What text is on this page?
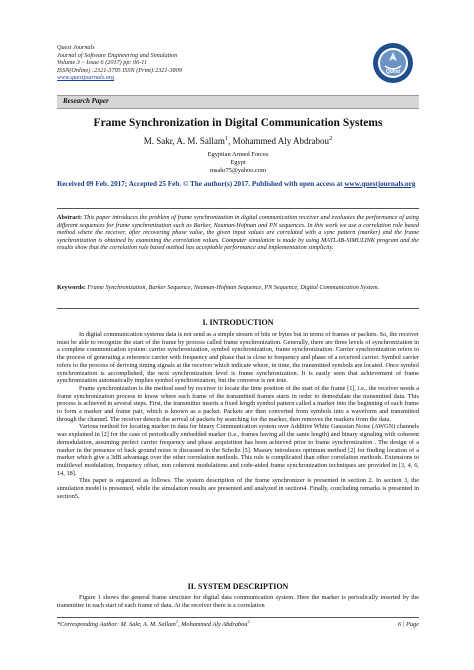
Quest Journals
Journal of Software Engineering and Simulation
Volume 3 ~ Issue 6 (2017) pp: 06-11
ISSN(Online) :2321-3795 ISSN (Print):2321-3809
www.questjournals.org
Quest
Research Paper
Frame Synchronization in Digital Communication Systems
M. Sakr, A. M. Sallam$^1$, Mohammed Aly Abdrabou$^2$
Egyptian Armed Forces
Egypt
msakr75@yahoo.com
Received 09 Feb. 2017; Accepted 25 Feb. © The author(s) 2017. Published with open access at www.questjournals.org
Abstract: This paper introduces the problem of frame synchronization in digital communication receiver and evaluates the performance of using different sequences for frame synchronization such as Barker, Neuman-Hofman and PN sequences. In this work we use a correlation rule based method where the receiver, after recovering phase value, the given input values are correlated with a sync pattern (marker) and the frame synchronization is obtained by examining the correlation values. Computer simulation is made by using MATLAB-SIMULINK program and the results show that the correlation rule based method has acceptable performance and implementation simplicity.
Keywords: Frame Synchronization, Barker Sequence, Neuman-Hofman Sequence, PN Sequence, Digital Communication System.
I. INTRODUCTION

In digital communication systems data is not send as a simple stream of bits or bytes but in terms of frames or packets. So, the receiver must be able to recognize the start of the frame by process called frame synchronization. Generally, there are three levels of synchronization in a complete communication system: carrier synchronization, symbol synchronization, frame synchronization. Carrier synchronization refers to the process of generating a reference carrier with frequency and phase that is close to frequency and phase of a received carrier. Symbol carrier refers to the process of deriving timing signals at the receiver which indicate where, in time, the transmitted symbols are located. Once symbol synchronization is accomplished, the next synchronization level is frame synchronization. It is easily seen that achievement of frame synchronization automatically implies symbol synchronization, but the converse is not true.

Frame synchronization is the method used by receiver to locate the time position of the start of the frame [1], i.e., the receiver needs a frame synchronization process to know where each frame of the transmitted frames starts in order to demodulate the transmitted data. This process is achieved in several steps. First, the transmitter inserts a fixed length symbol pattern called a marker into the beginning of each frame to form a marker and frame pair, which is known as a packet. Packets are then converted from symbols into a waveform and transmitted through the channel. The receiver detects the arrival of packets by searching for the marker, then removes the markers from the data.

Various method for locating marker in data for binary Communication system over Additive White Gaussian Noise (AWGN) channels was explained in [2] for the case of periodically embedded marker (i.e., frames having all the same length) and binary signaling with coherent demodulation, assuming perfect carrier frequency and phase acquisition has been achieved prior to frame synchronization . The design of a marker in the presence of back ground noise is discussed in the Scholtz [5]. Massey introduces optimum method [2] for finding location of a marker which give a 3dB advantage over the other correlation methods. This rule is complicated than other correlation methods. Extensions to multilevel modulation, frequency offset, non coherent modulations and code-aided frame synchronization techniques are provided in [3, 4, 6, 14, 18].

This paper is organized as follows. The system description of the frame synchronizer is presented in section 2. In section 3, the simulation model is presented, while the simulation results are presented and analyzed in section4. Finally, concluding remarks is presented in section5.

II. SYSTEM DESCRIPTION

Figure 1 shows the general frame structure for digital data communication system. Here the marker is periodically inserted by the transmitter in each start of each frame of data. At the receiver there is a correlation

*Corresponding Author: M. Sakr, A. M. Sallam$^1$, Mohammed Aly Abdrabou$^2$	6 | Page
